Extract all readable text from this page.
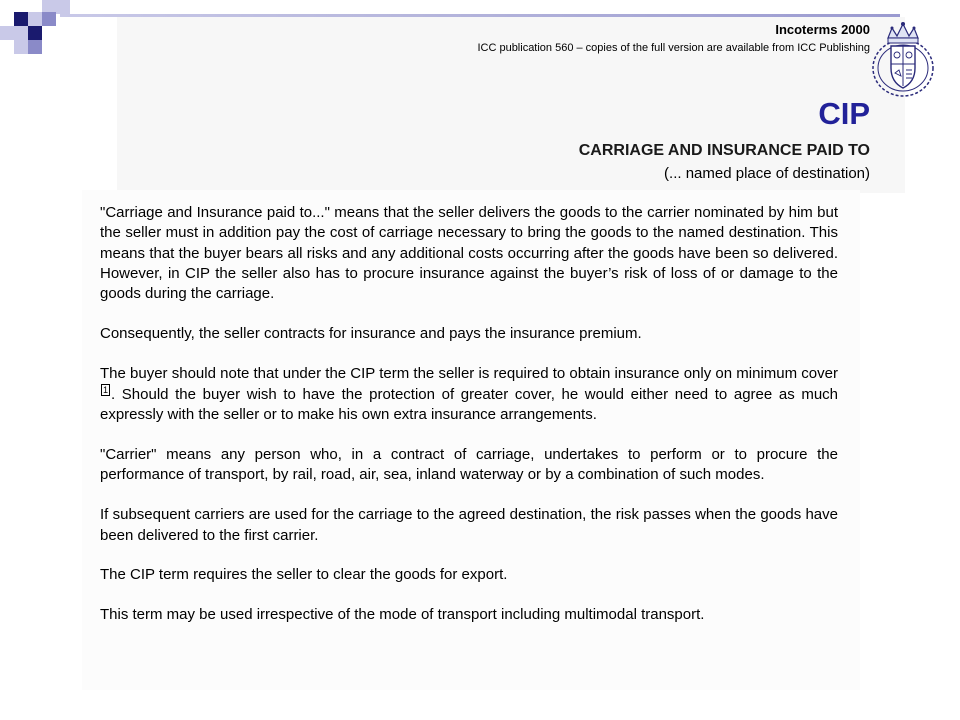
Incoterms 2000
ICC publication 560 – copies of the full version are available from ICC Publishing
CIP
CARRIAGE AND INSURANCE PAID TO
(... named place of destination)

"Carriage and Insurance paid to..." means that the seller delivers the goods to the carrier nominated by him but the seller must in addition pay the cost of carriage necessary to bring the goods to the named destination. This means that the buyer bears all risks and any additional costs occurring after the goods have been so delivered. However, in CIP the seller also has to procure insurance against the buyer’s risk of loss of or damage to the goods during the carriage.

Consequently, the seller contracts for insurance and pays the insurance premium.

The buyer should note that under the CIP term the seller is required to obtain insurance only on minimum cover1 . Should the buyer wish to have the protection of greater cover, he would either need to agree as much expressly with the seller or to make his own extra insurance arrangements.

"Carrier" means any person who, in a contract of carriage, undertakes to perform or to procure the performance of transport, by rail, road, air, sea, inland waterway or by a combination of such modes.

If subsequent carriers are used for the carriage to the agreed destination, the risk passes when the goods have been delivered to the first carrier.

The CIP term requires the seller to clear the goods for export.

This term may be used irrespective of the mode of transport including multimodal transport.
